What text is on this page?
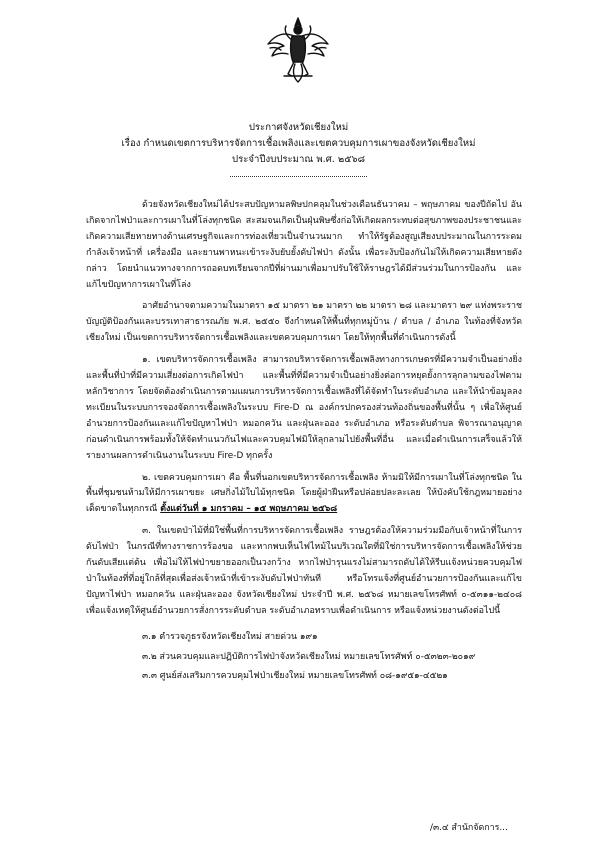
ประกาศจังหวัดเชียงใหม่
เรื่อง กำหนดเขตการบริหารจัดการเชื้อเพลิงและเขตควบคุมการเผาของจังหวัดเชียงใหม่
ประจำปีงบประมาณ พ.ศ. ๒๕๖๘

ด้วยจังหวัดเชียงใหม่ได้ประสบปัญหามลพิษปกคลุมในช่วงเดือนธันวาคม – พฤษภาคม ของปีถัดไป อันเกิดจากไฟป่าและการเผาในที่โล่งทุกชนิด สะสมจนเกิดเป็นฝุ่นพิษซึ่งก่อให้เกิดผลกระทบต่อสุขภาพของประชาชนและเกิดความเสียหายทางด้านเศรษฐกิจและการท่องเที่ยวเป็นจำนวนมาก ทำให้รัฐต้องสูญเสียงบประมาณในการระดมกำลังเจ้าหน้าที่ เครื่องมือ และยานพาหนะเข้าระงับยับยั้งดับไฟป่า ดังนั้น เพื่อระงับป้องกันไม่ให้เกิดความเสียหายดังกล่าว โดยนำแนวทางจากการถอดบทเรียนจากปีที่ผ่านมาเพื่อมาปรับใช้ให้ราษฎรได้มีส่วนร่วมในการป้องกัน และแก้ไขปัญหาการเผาในที่โล่ง

อาศัยอำนาจตามความในมาตรา ๑๕ มาตรา ๒๑ มาตรา ๒๒ มาตรา ๒๘ และมาตรา ๒๙ แห่งพระราชบัญญัติป้องกันและบรรเทาสาธารณภัย พ.ศ. ๒๕๕๐ จึงกำหนดให้พื้นที่ทุกหมู่บ้าน / ตำบล / อำเภอ ในท้องที่จังหวัดเชียงใหม่ เป็นเขตการบริหารจัดการเชื้อเพลิงและเขตควบคุมการเผา โดยให้ทุกพื้นที่ดำเนินการดังนี้

๑. เขตบริหารจัดการเชื้อเพลิง สามารถบริหารจัดการเชื้อเพลิงทางการเกษตรที่มีความจำเป็นอย่างยิ่ง และพื้นที่ป่าที่มีความเสี่ยงต่อการเกิดไฟป่า และพื้นที่ที่มีความจำเป็นอย่างยิ่งต่อการหยุดยั้งการลุกลามของไฟตามหลักวิชาการ โดยจัดต้องดำเนินการตามแผนการบริหารจัดการเชื้อเพลิงที่ได้จัดทำในระดับอำเภอ และให้นำข้อมูลลงทะเบียนในระบบการจองจัดการเชื้อเพลิงในระบบ Fire-D ณ องค์กรปกครองส่วนท้องถิ่นของพื้นที่นั้น ๆ เพื่อให้ศูนย์อำนวยการป้องกันและแก้ไขปัญหาไฟป่า หมอกควัน และฝุ่นละออง ระดับอำเภอ หรือระดับตำบล พิจารณาอนุญาตก่อนดำเนินการพร้อมทั้งให้จัดทำแนวกันไฟและควบคุมไฟมิให้ลุกลามไปยังพื้นที่อื่น และเมื่อดำเนินการเสร็จแล้วให้รายงานผลการดำเนินงานในระบบ Fire-D ทุกครั้ง

๒. เขตควบคุมการเผา คือ พื้นที่นอกเขตบริหารจัดการเชื้อเพลิง ห้ามมิให้มีการเผาในที่โล่งทุกชนิด ในพื้นที่ชุมชนห้ามให้มีการเผาขยะ เศษกิ่งไม้ใบไม้ทุกชนิด โดยผู้ฝ่าฝืนหรือปล่อยปละละเลย ให้บังคับใช้กฎหมายอย่างเด็ดขาดในทุกกรณี ตั้งแต่วันที่ ๑ มกราคม – ๑๕ พฤษภาคม ๒๕๖๘

๓. ในเขตป่าไม้ที่มิใช่พื้นที่การบริหารจัดการเชื้อเพลิง ราษฎรต้องให้ความร่วมมือกับเจ้าหน้าที่ในการดับไฟป่า ในกรณีที่ทางราชการร้องขอ และหากพบเห็นไฟไหม้ในบริเวณใดที่มิใช่การบริหารจัดการเชื้อเพลิงให้ช่วยกันดับเสียแต่ต้น เพื่อไม่ให้ไฟป่าขยายออกเป็นวงกว้าง หากไฟป่ารุนแรงไม่สามารถดับได้ให้รีบแจ้งหน่วยควบคุมไฟป่าในท้องที่ที่อยู่ใกล้ที่สุดเพื่อส่งเจ้าหน้าที่เข้าระงับดับไฟป่าทันที หรือโทรแจ้งที่ศูนย์อำนวยการป้องกันและแก้ไขปัญหาไฟป่า หมอกควัน และฝุ่นละออง จังหวัดเชียงใหม่ ประจำปี พ.ศ. ๒๕๖๘ หมายเลขโทรศัพท์ ๐-๕๓๑๑-๒๔๐๘ เพื่อแจ้งเหตุให้ศูนย์อำนวยการสั่งการระดับตำบล ระดับอำเภอทราบเพื่อดำเนินการ หรือแจ้งหน่วยงานดังต่อไปนี้

๓.๑ ตำรวจภูธรจังหวัดเชียงใหม่ สายด่วน ๑๙๑
๓.๒ ส่วนควบคุมและปฏิบัติการไฟป่าจังหวัดเชียงใหม่ หมายเลขโทรศัพท์ ๐-๕๓๒๓-๒๐๑๙
๓.๓ ศูนย์ส่งเสริมการควบคุมไฟป่าเชียงใหม่ หมายเลขโทรศัพท์ ๐๘-๑๙๕๑-๔๕๒๑
/๓.๔ สำนักจัดการ...
